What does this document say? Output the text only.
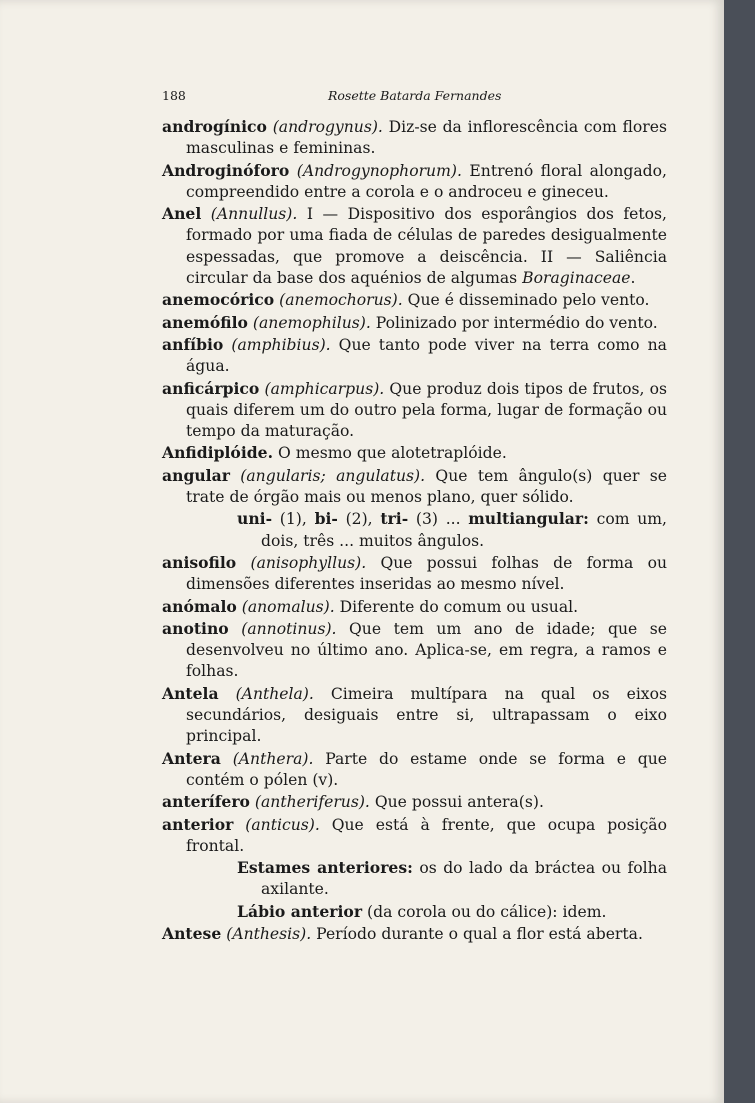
188	Rosette Batarda Fernandes

androgínico (androgynus). Diz-se da inflorescência com flores masculinas e femininas.

Androginóforo (Androgynophorum). Entrenó floral alongado, compreendido entre a corola e o androceu e gineceu.

Anel (Annullus). I — Dispositivo dos esporângios dos fetos, formado por uma fiada de células de paredes desigualmente espessadas, que promove a deiscência. II — Saliência circular da base dos aquénios de algumas Boraginaceae.

anemocórico (anemochorus). Que é disseminado pelo vento.

anemófilo (anemophilus). Polinizado por intermédio do vento.

anfíbio (amphibius). Que tanto pode viver na terra como na água.

anficárpico (amphicarpus). Que produz dois tipos de frutos, os quais diferem um do outro pela forma, lugar de formação ou tempo da maturação.

Anfidiplóide. O mesmo que alotetraplóide.

angular (angularis; angulatus). Que tem ângulo(s) quer se trate de órgão mais ou menos plano, quer sólido.

uni- (1), bi- (2), tri- (3) ... multiangular: com um, dois, três ... muitos ângulos.

anisofilo (anisophyllus). Que possui folhas de forma ou dimensões diferentes inseridas ao mesmo nível.

anómalo (anomalus). Diferente do comum ou usual.

anotino (annotinus). Que tem um ano de idade; que se desenvolveu no último ano. Aplica-se, em regra, a ramos e folhas.

Antela (Anthela). Cimeira multípara na qual os eixos secundários, desiguais entre si, ultrapassam o eixo principal.

Antera (Anthera). Parte do estame onde se forma e que contém o pólen (v).

anterífero (antheriferus). Que possui antera(s).

anterior (anticus). Que está à frente, que ocupa posição frontal.

Estames anteriores: os do lado da bráctea ou folha axilante.

Lábio anterior (da corola ou do cálice): idem.

Antese (Anthesis). Período durante o qual a flor está aberta.
